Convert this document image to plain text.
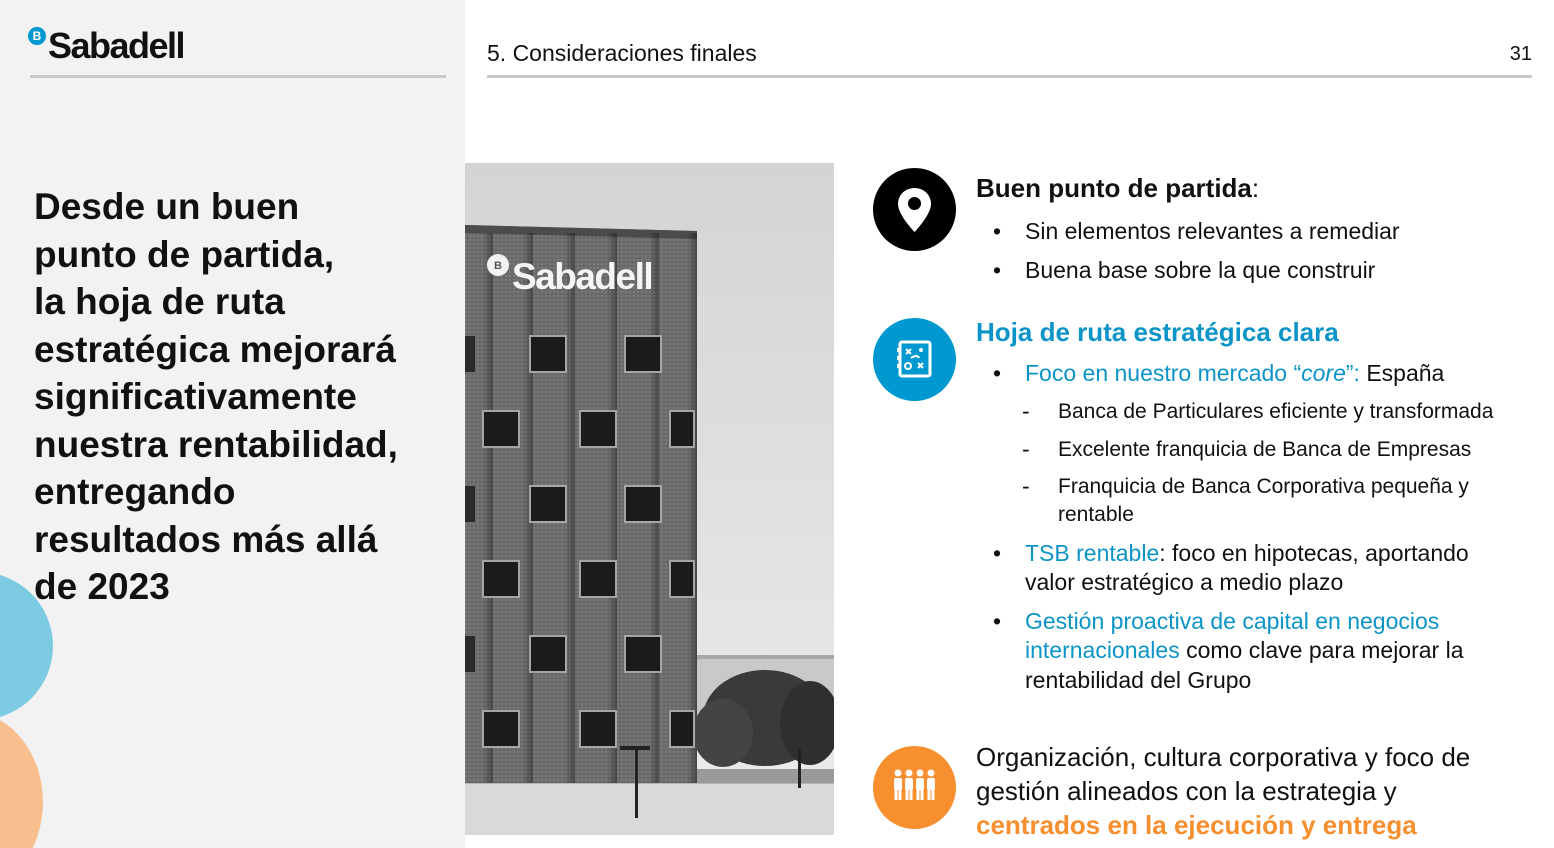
B Sabadell
Desde un buen
punto de partida,
la hoja de ruta
estratégica mejorará
significativamente
nuestra rentabilidad,
entregando
resultados más allá
de 2023
5. Consideraciones finales	31
B Sabadell
Buen punto de partida:
• Sin elementos relevantes a remediar
• Buena base sobre la que construir
Hoja de ruta estratégica clara
• Foco en nuestro mercado “core”: España
- Banca de Particulares eficiente y transformada
- Excelente franquicia de Banca de Empresas
- Franquicia de Banca Corporativa pequeña y
rentable
• TSB rentable: foco en hipotecas, aportando
valor estratégico a medio plazo
• Gestión proactiva de capital en negocios
internacionales como clave para mejorar la
rentabilidad del Grupo
Organización, cultura corporativa y foco de
gestión alineados con la estrategia y
centrados en la ejecución y entrega
